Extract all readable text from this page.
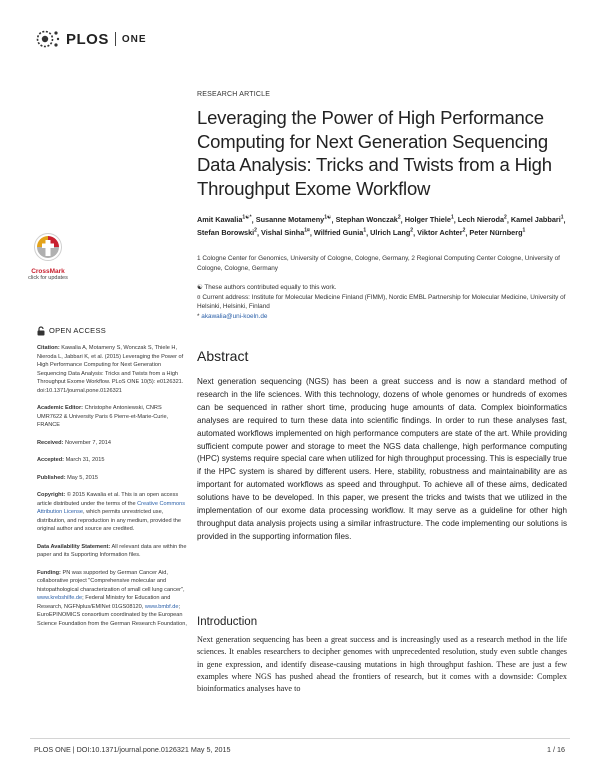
PLOS ONE
CrossMark
click for updates
OPEN ACCESS
Citation: Kawalia A, Motameny S, Wonczak S, Thiele H, Nieroda L, Jabbari K, et al. (2015) Leveraging the Power of High Performance Computing for Next Generation Sequencing Data Analysis: Tricks and Twists from a High Throughput Exome Workflow. PLoS ONE 10(5): e0126321. doi:10.1371/journal.pone.0126321
Academic Editor: Christophe Antoniewski, CNRS UMR7622 & University Paris 6 Pierre-et-Marie-Curie, FRANCE
Received: November 7, 2014
Accepted: March 31, 2015
Published: May 5, 2015
Copyright: © 2015 Kawalia et al. This is an open access article distributed under the terms of the Creative Commons Attribution License, which permits unrestricted use, distribution, and reproduction in any medium, provided the original author and source are credited.
Data Availability Statement: All relevant data are within the paper and its Supporting Information files.
Funding: PN was supported by German Cancer Aid, collaborative project "Comprehensive molecular and histopathological characterization of small cell lung cancer", www.krebshilfe.de; Federal Ministry for Education and Research, NGFNplus/EMINet 01GS08120, www.bmbf.de; EuroEPINOMICS consortium coordinated by the European Science Foundation from the German Research Foundation,
RESEARCH ARTICLE
Leveraging the Power of High Performance Computing for Next Generation Sequencing Data Analysis: Tricks and Twists from a High Throughput Exome Workflow
Amit Kawalia$^{1☯*}$, Susanne Motameny$^{1☯}$, Stephan Wonczak$^2$, Holger Thiele$^1$, Lech Nieroda$^2$, Kamel Jabbari$^1$, Stefan Borowski$^2$, Vishal Sinha$^{1¤}$, Wilfried Gunia$^1$, Ulrich Lang$^2$, Viktor Achter$^2$, Peter Nürnberg$^1$
1 Cologne Center for Genomics, University of Cologne, Cologne, Germany, 2 Regional Computing Center Cologne, University of Cologne, Cologne, Germany
☯ These authors contributed equally to this work.
¤ Current address: Institute for Molecular Medicine Finland (FIMM), Nordic EMBL Partnership for Molecular Medicine, University of Helsinki, Helsinki, Finland
* akawalia@uni-koeln.de
Abstract
Next generation sequencing (NGS) has been a great success and is now a standard method of research in the life sciences. With this technology, dozens of whole genomes or hundreds of exomes can be sequenced in rather short time, producing huge amounts of data. Complex bioinformatics analyses are required to turn these data into scientific findings. In order to run these analyses fast, automated workflows implemented on high performance computers are state of the art. While providing sufficient compute power and storage to meet the NGS data challenge, high performance computing (HPC) systems require special care when utilized for high throughput processing. This is especially true if the HPC system is shared by different users. Here, stability, robustness and maintainability are as important for automated workflows as speed and throughput. To achieve all of these aims, dedicated solutions have to be developed. In this paper, we present the tricks and twists that we utilized in the implementation of our exome data processing workflow. It may serve as a guideline for other high throughput data analysis projects using a similar infrastructure. The code implementing our solutions is provided in the supporting information files.
Introduction
Next generation sequencing has been a great success and is increasingly used as a research method in the life sciences. It enables researchers to decipher genomes with unprecedented resolution, study even subtle changes in gene expression, and identify disease-causing mutations in high throughput fashion. These are just a few examples where NGS has pushed ahead the frontiers of research, but it comes with a downside: Complex bioinformatics analyses have to
PLOS ONE | DOI:10.1371/journal.pone.0126321 May 5, 2015	1 / 16
